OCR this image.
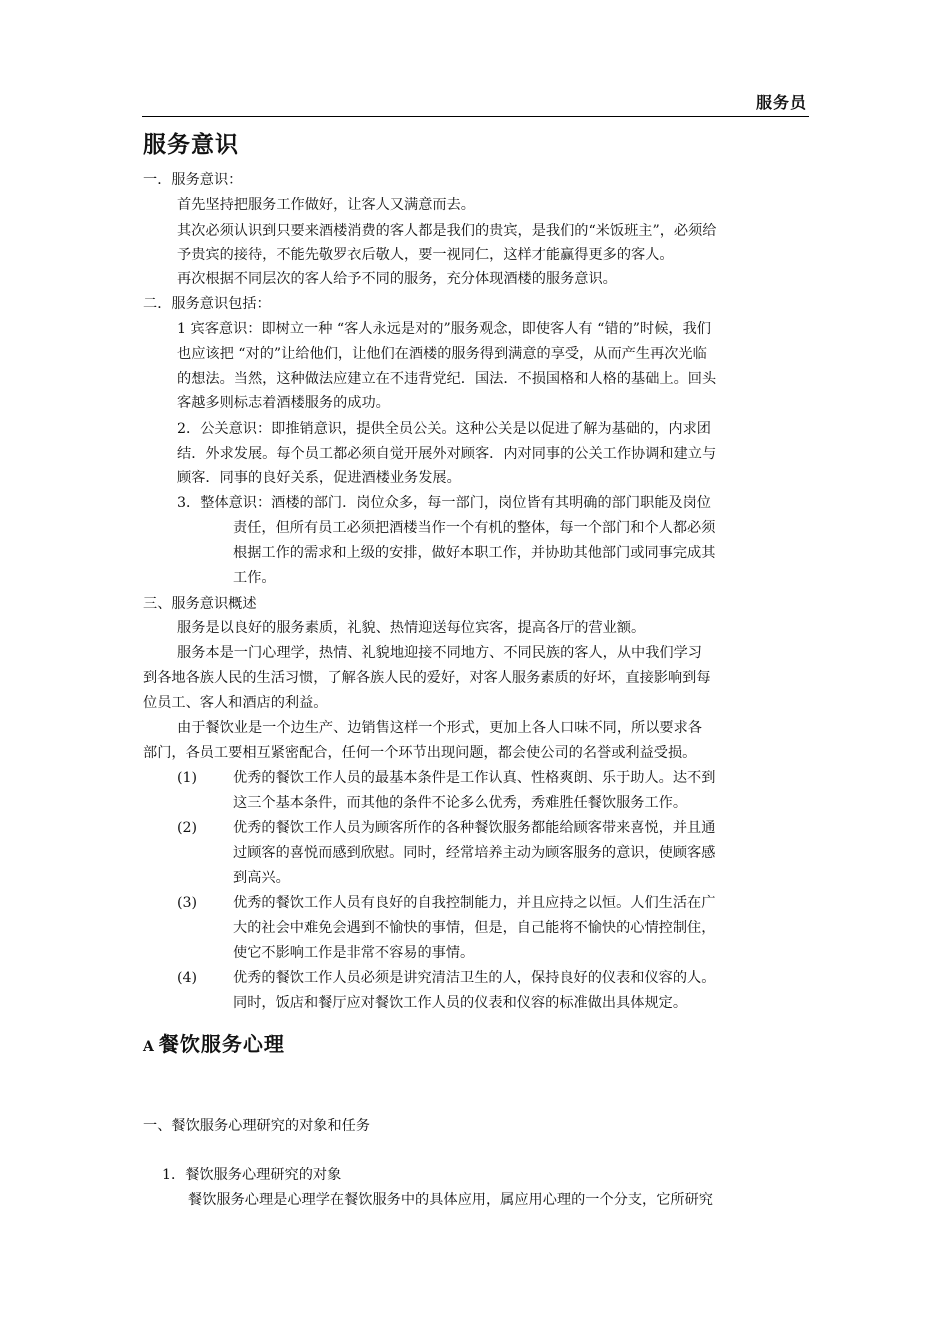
服务员
服务意识
一．服务意识：
首先坚持把服务工作做好，让客人又满意而去。
其次必须认识到只要来酒楼消费的客人都是我们的贵宾，是我们的“米饭班主”，必须给
予贵宾的接待，不能先敬罗衣后敬人，要一视同仁，这样才能赢得更多的客人。
再次根据不同层次的客人给予不同的服务，充分体现酒楼的服务意识。
二．服务意识包括：
1 宾客意识：即树立一种 “客人永远是对的”服务观念，即使客人有 “错的”时候，我们
也应该把 “对的”让给他们，让他们在酒楼的服务得到满意的享受，从而产生再次光临
的想法。当然，这种做法应建立在不违背党纪．国法．不损国格和人格的基础上。回头
客越多则标志着酒楼服务的成功。
2．公关意识：即推销意识，提供全员公关。这种公关是以促进了解为基础的，内求团
结．外求发展。每个员工都必须自觉开展外对顾客．内对同事的公关工作协调和建立与
顾客．同事的良好关系，促进酒楼业务发展。
3．整体意识：酒楼的部门．岗位众多，每一部门，岗位皆有其明确的部门职能及岗位
责任，但所有员工必须把酒楼当作一个有机的整体，每一个部门和个人都必须
根据工作的需求和上级的安排，做好本职工作，并协助其他部门或同事完成其
工作。
三、服务意识概述
服务是以良好的服务素质，礼貌、热情迎送每位宾客，提高各厅的营业额。
服务本是一门心理学，热情、礼貌地迎接不同地方、不同民族的客人，从中我们学习
到各地各族人民的生活习惯，了解各族人民的爱好，对客人服务素质的好坏，直接影响到每
位员工、客人和酒店的利益。
由于餐饮业是一个边生产、边销售这样一个形式，更加上各人口味不同，所以要求各
部门，各员工要相互紧密配合，任何一个环节出现问题，都会使公司的名誉或利益受损。
(1)	优秀的餐饮工作人员的最基本条件是工作认真、性格爽朗、乐于助人。达不到
这三个基本条件，而其他的条件不论多么优秀，秀难胜任餐饮服务工作。
(2)	优秀的餐饮工作人员为顾客所作的各种餐饮服务都能给顾客带来喜悦，并且通
过顾客的喜悦而感到欣慰。同时，经常培养主动为顾客服务的意识，使顾客感
到高兴。
(3)	优秀的餐饮工作人员有良好的自我控制能力，并且应持之以恒。人们生活在广
大的社会中难免会遇到不愉快的事情，但是，自己能将不愉快的心情控制住，
使它不影响工作是非常不容易的事情。
(4)	优秀的餐饮工作人员必须是讲究清洁卫生的人，保持良好的仪表和仪容的人。
同时，饭店和餐厅应对餐饮工作人员的仪表和仪容的标准做出具体规定。
A 餐饮服务心理
一、餐饮服务心理研究的对象和任务
1．餐饮服务心理研究的对象
餐饮服务心理是心理学在餐饮服务中的具体应用，属应用心理的一个分支，它所研究
